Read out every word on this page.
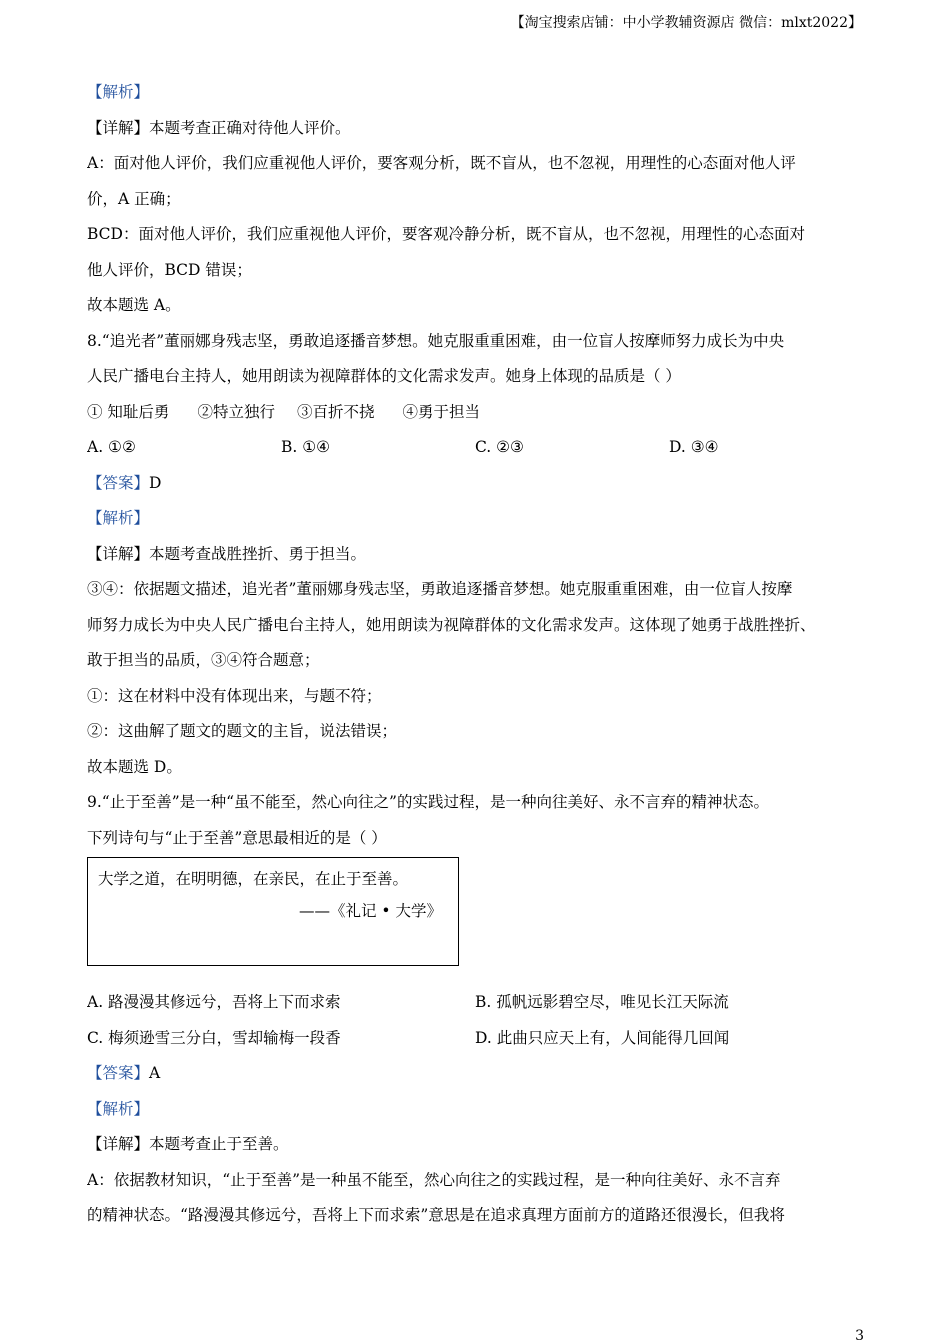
【淘宝搜索店铺：中小学教辅资源店 微信：mlxt2022】
【解析】
【详解】本题考查正确对待他人评价。
A：面对他人评价，我们应重视他人评价，要客观分析，既不盲从，也不忽视，用理性的心态面对他人评
价，A 正确；
BCD：面对他人评价，我们应重视他人评价，要客观冷静分析，既不盲从，也不忽视，用理性的心态面对
他人评价，BCD 错误；
故本题选 A。
8.“追光者”董丽娜身残志坚，勇敢追逐播音梦想。她克服重重困难，由一位盲人按摩师努力成长为中央
人民广播电台主持人，她用朗读为视障群体的文化需求发声。她身上体现的品质是（ ）
① 知耻后勇 ②特立独行 ③百折不挠 ④勇于担当
A. ①②	B. ①④	C. ②③	D. ③④
【答案】D
【解析】
【详解】本题考查战胜挫折、勇于担当。
③④：依据题文描述，追光者”董丽娜身残志坚，勇敢追逐播音梦想。她克服重重困难，由一位盲人按摩
师努力成长为中央人民广播电台主持人，她用朗读为视障群体的文化需求发声。这体现了她勇于战胜挫折、
敢于担当的品质，③④符合题意；
①：这在材料中没有体现出来，与题不符；
②：这曲解了题文的题文的主旨，说法错误；
故本题选 D。
9.“止于至善”是一种“虽不能至，然心向往之”的实践过程，是一种向往美好、永不言弃的精神状态。
下列诗句与“止于至善”意思最相近的是（ ）
大学之道，在明明德，在亲民，在止于至善。
——《礼记 • 大学》
A. 路漫漫其修远兮，吾将上下而求索	B. 孤帆远影碧空尽，唯见长江天际流
C. 梅须逊雪三分白，雪却输梅一段香	D. 此曲只应天上有，人间能得几回闻
【答案】A
【解析】
【详解】本题考查止于至善。
A：依据教材知识，“止于至善”是一种虽不能至，然心向往之的实践过程，是一种向往美好、永不言弃
的精神状态。“路漫漫其修远兮，吾将上下而求索”意思是在追求真理方面前方的道路还很漫长，但我将
3
